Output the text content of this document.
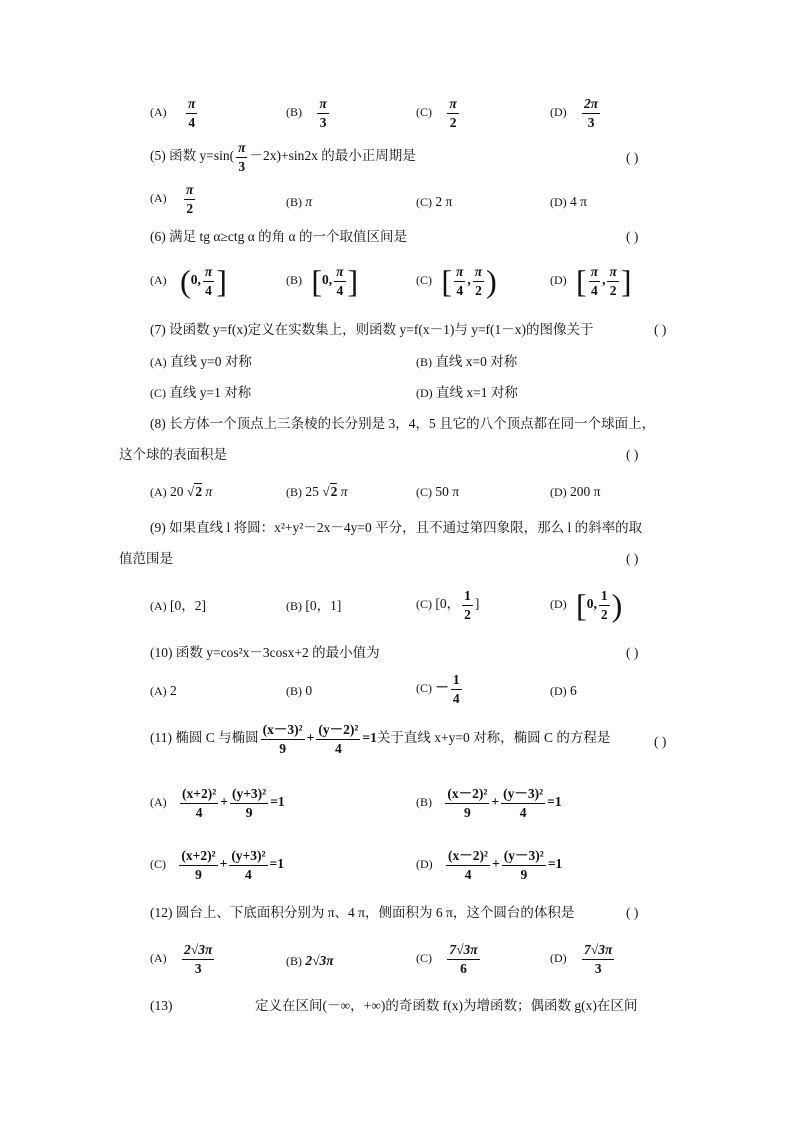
$(A) \frac{\pi}{4}$	$(B) \frac{\pi}{3}$	$(C) \frac{\pi}{2}$	$(D) \frac{2\pi}{3}$
(5) 函数 $y=\sin( \frac{\pi}{3} -2x)+\sin 2x$ 的最小正周期是	( )
$(A) \frac{\pi}{2}$	(B) π	(C) 2 π	(D) 4 π
(6) 满足 tg α≥ctg α 的角 α 的一个取值区间是	( )
(A) (0, $\frac{\pi}{4}$ ]	(B) [0, $\frac{\pi}{4}$ ]	(C) [ $\frac{\pi}{4}$ , $\frac{\pi}{2}$ )	(D) [ $\frac{\pi}{4}$ , $\frac{\pi}{2}$ ]
(7) 设函数 y=f(x)定义在实数集上，则函数 y=f(x－1)与 y=f(1－x)的图像关于	( )
(A) 直线 y=0 对称	(B) 直线 x=0 对称
(C) 直线 y=1 对称	(D) 直线 x=1 对称
(8) 长方体一个顶点上三条棱的长分别是 3，4，5 且它的八个顶点都在同一个球面上，
这个球的表面积是	( )
(A) 20 √2 π	(B) 25 √2 π	(C) 50 π	(D) 200 π
(9) 如果直线 l 将圆：x²+y²－2x－4y=0 平分，且不通过第四象限，那么 l 的斜率的取
值范围是	( )
(A) [0，2]	(B) [0，1]	(C) [0， $\frac{1}{2}$ ]	(D) [0, $\frac{1}{2}$ )
(10) 函数 y=cos²x－3cosx+2 的最小值为	( )
(A) 2	(B) 0	$(C) - \frac{1}{4}$	(D) 6
(11) 椭圆 C 与椭圆 $\frac{\text{(x－3)²}}{9} + \frac{\text{(y－2)²}}{4} =1$关于直线 x+y=0 对称，椭圆 C 的方程是	( )
$(A) \frac{\text{(x+2)²}}{4} + \frac{\text{(y+3)²}}{9} =1$	$(B) \frac{\text{(x－2)²}}{9} + \frac{\text{(y－3)²}}{4} =1$
$(C) \frac{\text{(x+2)²}}{9} + \frac{\text{(y+3)²}}{4} =1$	$(D) \frac{\text{(x－2)²}}{4} + \frac{\text{(y－3)²}}{9} =1$
(12) 圆台上、下底面积分别为 π、4 π，侧面积为 6 π，这个圆台的体积是	( )
$(A) \frac{2√3\pi}{3}$	(B) 2√3π	$(C) \frac{7√3\pi}{6}$	$(D) \frac{7√3\pi}{3}$
(13)	定义在区间(－∞，+∞)的奇函数 f(x)为增函数；偶函数 g(x)在区间
